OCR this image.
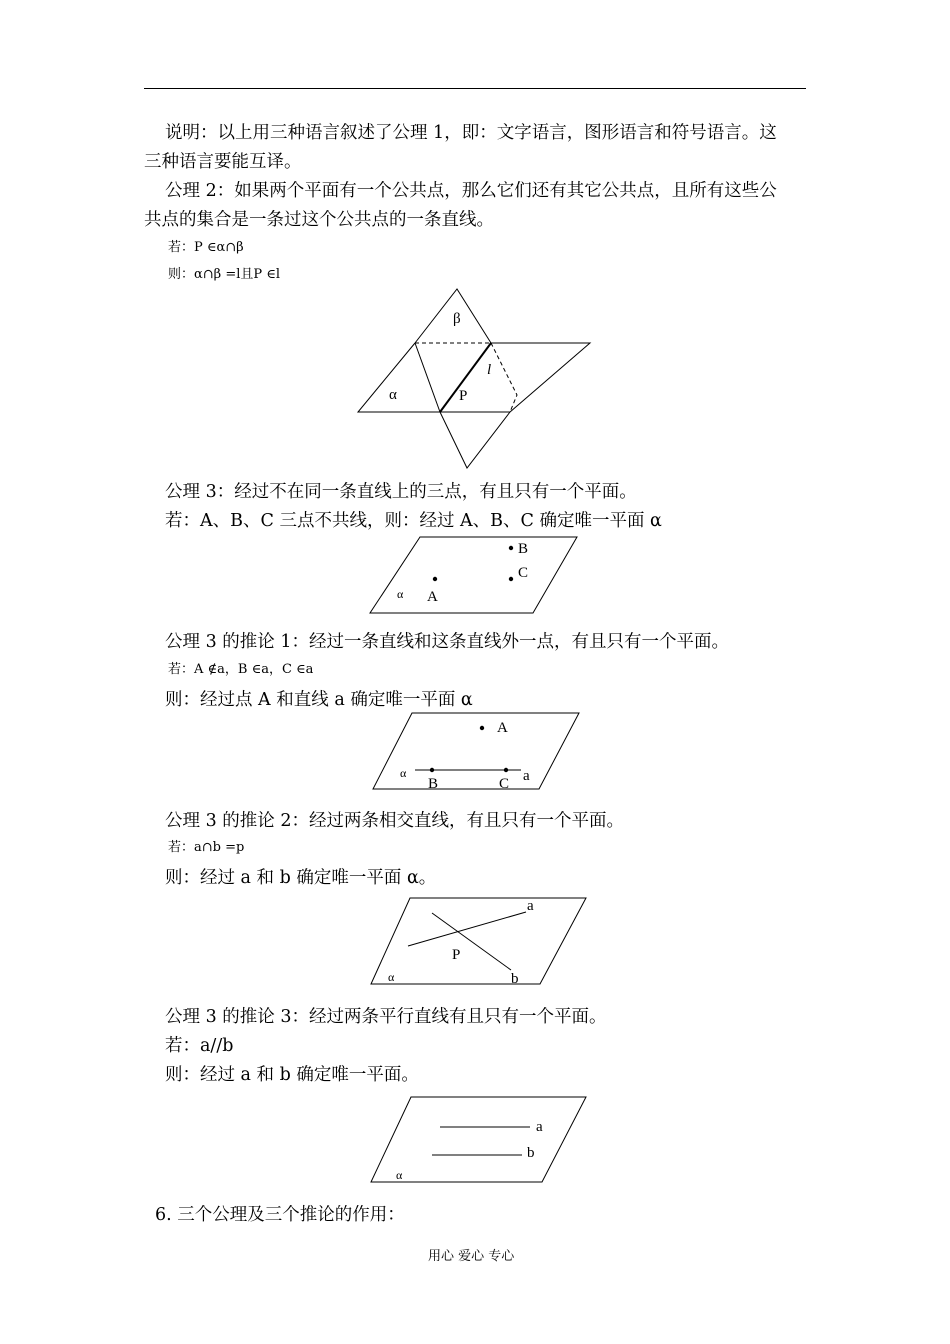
说明：以上用三种语言叙述了公理 1，即：文字语言，图形语言和符号语言。这
三种语言要能互译。
公理 2：如果两个平面有一个公共点，那么它们还有其它公共点，且所有这些公
共点的集合是一条过这个公共点的一条直线。
若：P ∈α∩β
则：α∩β =l且P ∈l
β
α
l
P
公理 3：经过不在同一条直线上的三点，有且只有一个平面。
若：A、B、C 三点不共线，则：经过 A、B、C 确定唯一平面 α
B
C
A
α
公理 3 的推论 1：经过一条直线和这条直线外一点，有且只有一个平面。
若：A ∉a，B ∈a，C ∈a
则：经过点 A 和直线 a 确定唯一平面 α
A
B	C a
α
公理 3 的推论 2：经过两条相交直线，有且只有一个平面。
若：a∩b =p
则：经过 a 和 b 确定唯一平面 α。
a
b
P
α
公理 3 的推论 3：经过两条平行直线有且只有一个平面。
若：a//b
则：经过 a 和 b 确定唯一平面。
a
b
α
6. 三个公理及三个推论的作用：
用心 爱心 专心
